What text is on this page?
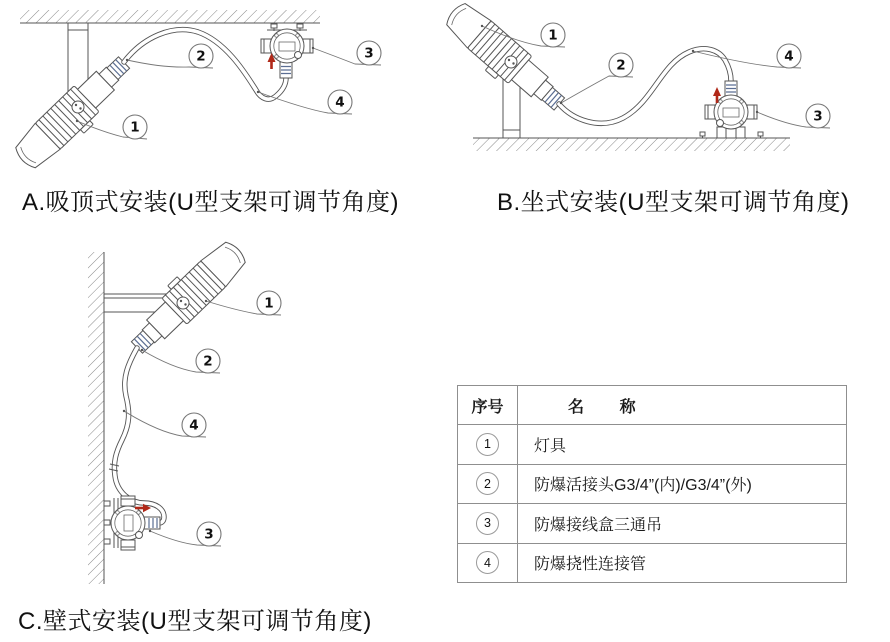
1
2	3
4
1
2
3
4
1
2
3
4
A.吸顶式安装(U型支架可调节角度)	B.坐式安装(U型支架可调节角度)
C.壁式安装(U型支架可调节角度)
序号	名        称
1	灯具
2	防爆活接头G3/4”(内)/G3/4”(外)
3	防爆接线盒三通吊
4	防爆挠性连接管
